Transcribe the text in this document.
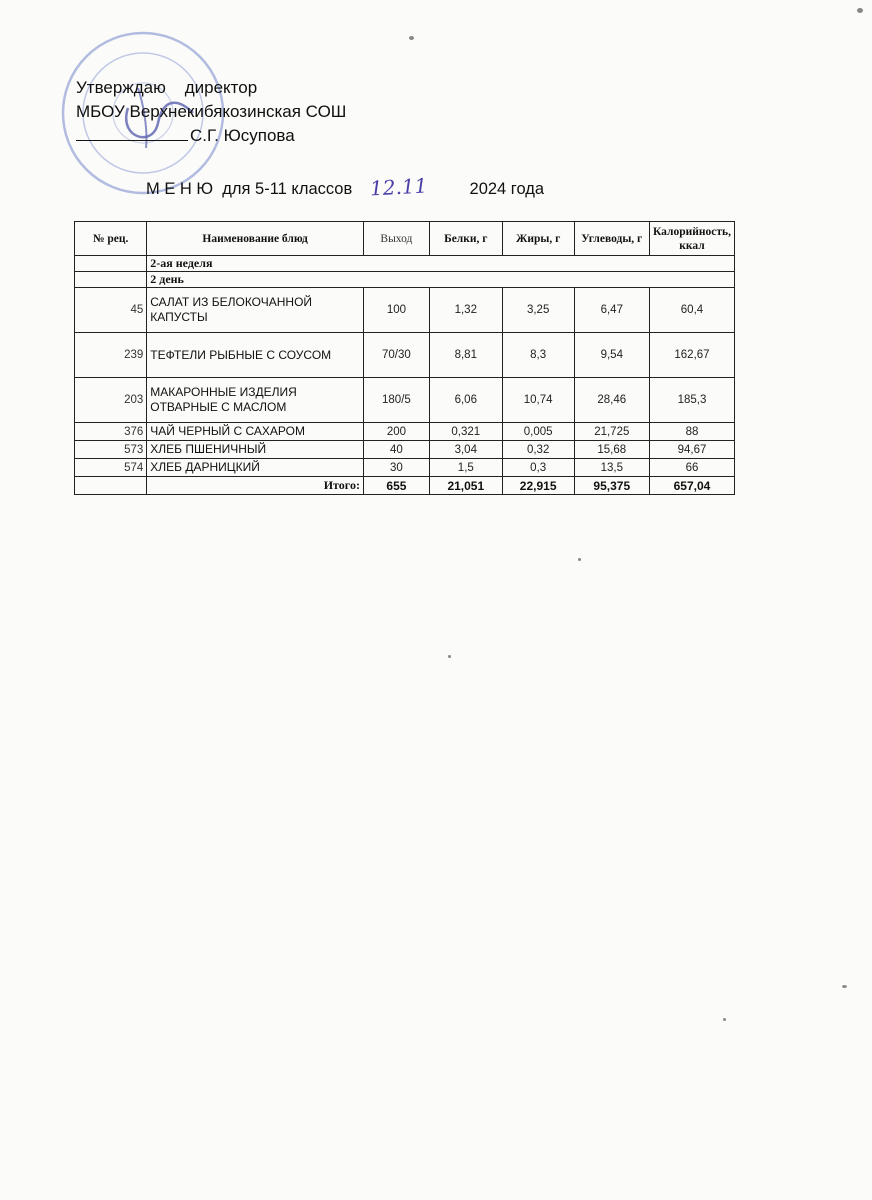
Утверждаю    директор
МБОУ Верхнекибякозинская СОШ
С.Г. Юсупова
М Е Н Ю  для 5-11 классов 12.11	2024 года
№ рец.	Наименование блюд	Выход	Белки, г	Жиры, г	Углеводы, г	Калорийность, ккал
	2-ая неделя					
	2 день					
45	САЛАТ ИЗ БЕЛОКОЧАННОЙ КАПУСТЫ	100	1,32	3,25	6,47	60,4
239	ТЕФТЕЛИ РЫБНЫЕ С СОУСОМ	70/30	8,81	8,3	9,54	162,67
203	МАКАРОННЫЕ ИЗДЕЛИЯ ОТВАРНЫЕ С МАСЛОМ	180/5	6,06	10,74	28,46	185,3
376	ЧАЙ ЧЕРНЫЙ С САХАРОМ	200	0,321	0,005	21,725	88
573	ХЛЕБ ПШЕНИЧНЫЙ	40	3,04	0,32	15,68	94,67
574	ХЛЕБ ДАРНИЦКИЙ	30	1,5	0,3	13,5	66
	Итого:	655	21,051	22,915	95,375	657,04
